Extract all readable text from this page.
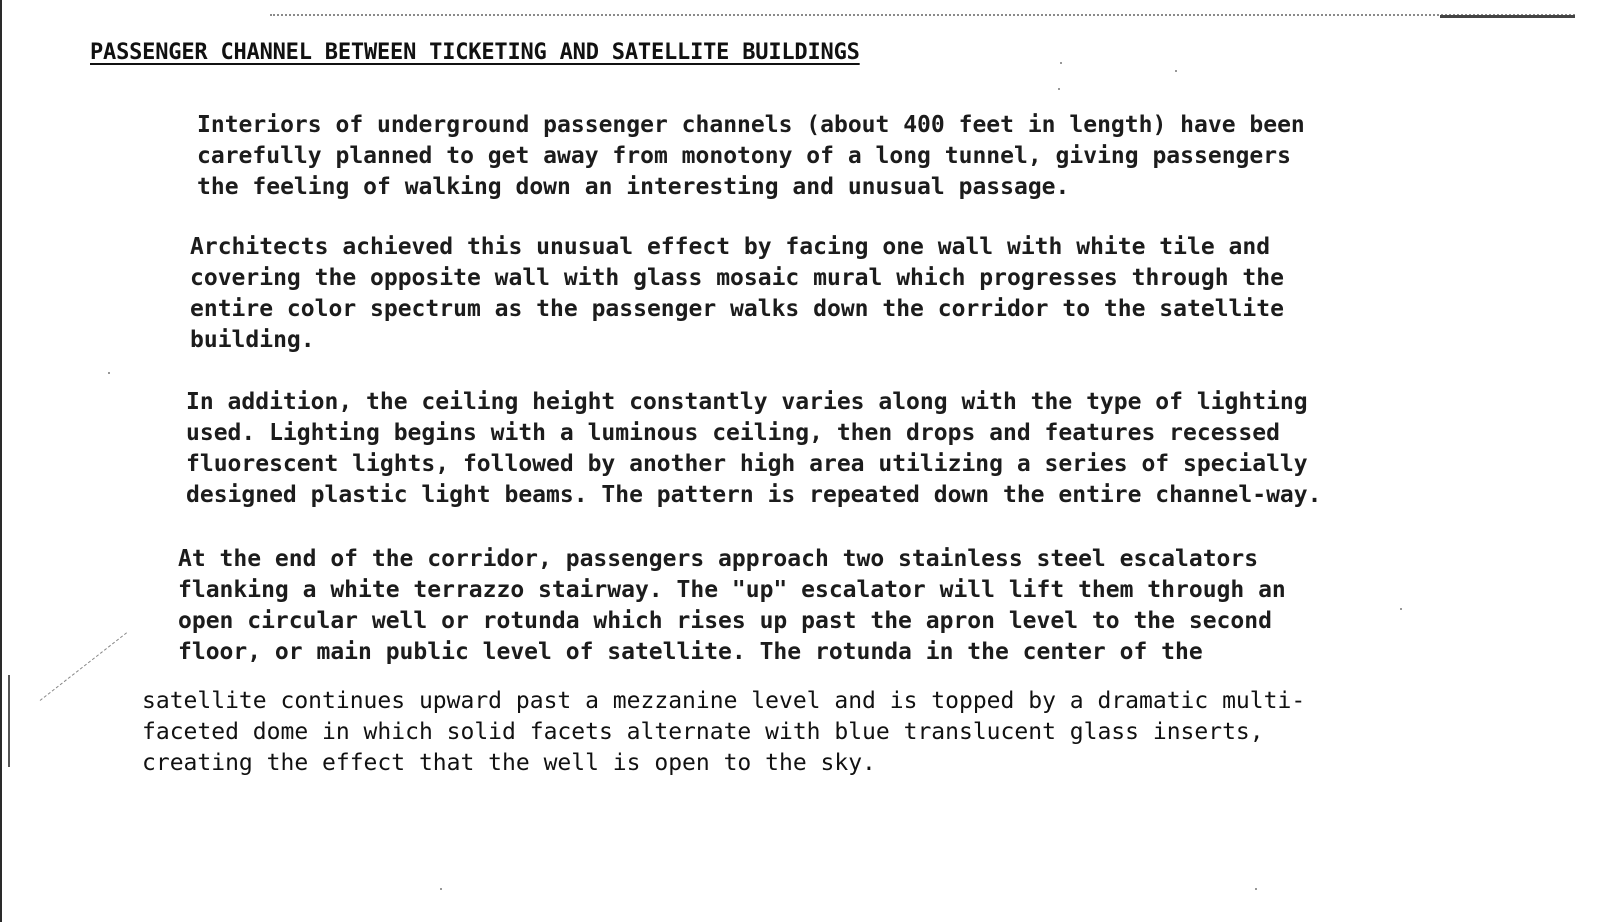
PASSENGER CHANNEL BETWEEN TICKETING AND SATELLITE BUILDINGS
Interiors of underground passenger channels (about 400 feet in length) have been
carefully planned to get away from monotony of a long tunnel, giving passengers
the feeling of walking down an interesting and unusual passage.
Architects achieved this unusual effect by facing one wall with white tile and
covering the opposite wall with glass mosaic mural which progresses through the
entire color spectrum as the passenger walks down the corridor to the satellite
building.
In addition, the ceiling height constantly varies along with the type of lighting
used. Lighting begins with a luminous ceiling, then drops and features recessed
fluorescent lights, followed by another high area utilizing a series of specially
designed plastic light beams. The pattern is repeated down the entire channel-way.
At the end of the corridor, passengers approach two stainless steel escalators
flanking a white terrazzo stairway. The "up" escalator will lift them through an
open circular well or rotunda which rises up past the apron level to the second
floor, or main public level of satellite. The rotunda in the center of the
satellite continues upward past a mezzanine level and is topped by a dramatic multi-
faceted dome in which solid facets alternate with blue translucent glass inserts,
creating the effect that the well is open to the sky.
